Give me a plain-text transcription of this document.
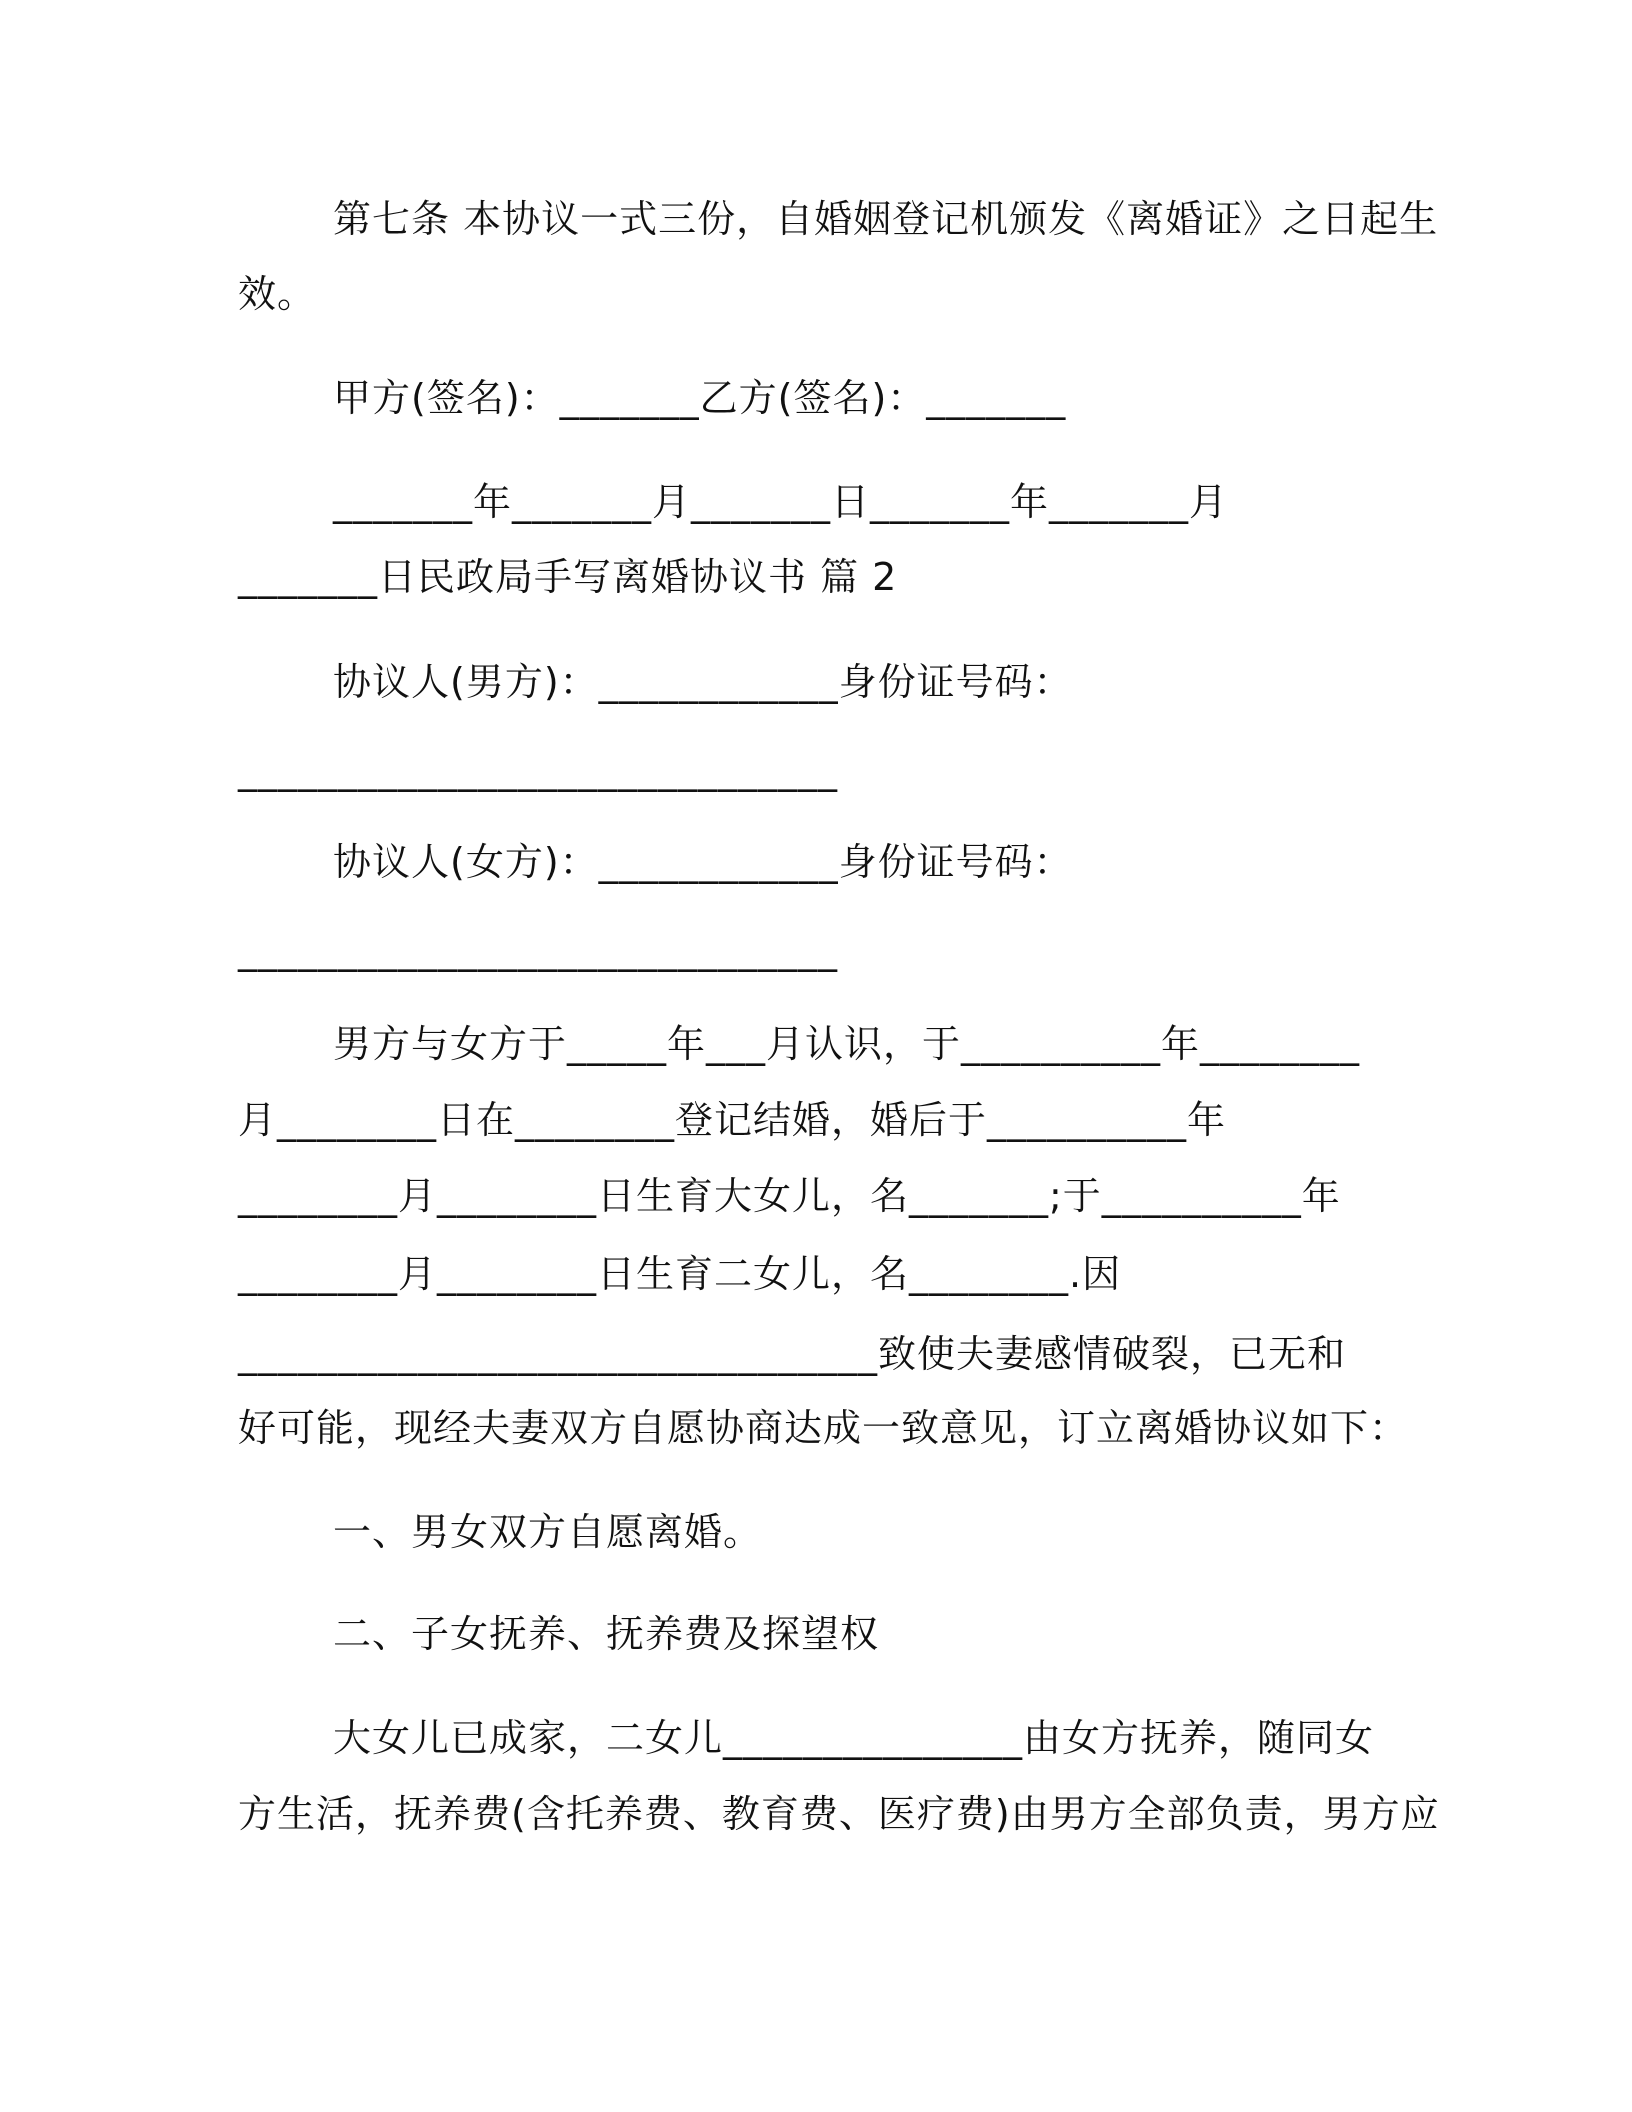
第七条 本协议一式三份，自婚姻登记机颁发《离婚证》之日起生
效。
甲方(签名)：_______乙方(签名)：_______
_______年_______月_______日_______年_______月
_______日民政局手写离婚协议书 篇 2
协议人(男方)：____________身份证号码：
______________________________
协议人(女方)：____________身份证号码：
______________________________
男方与女方于_____年___月认识，于__________年________
月________日在________登记结婚，婚后于__________年
________月________日生育大女儿，名_______;于__________年
________月________日生育二女儿，名________.因
________________________________致使夫妻感情破裂，已无和
好可能，现经夫妻双方自愿协商达成一致意见，订立离婚协议如下：
一、男女双方自愿离婚。
二、子女抚养、抚养费及探望权
大女儿已成家，二女儿_______________由女方抚养，随同女
方生活，抚养费(含托养费、教育费、医疗费)由男方全部负责，男方应
